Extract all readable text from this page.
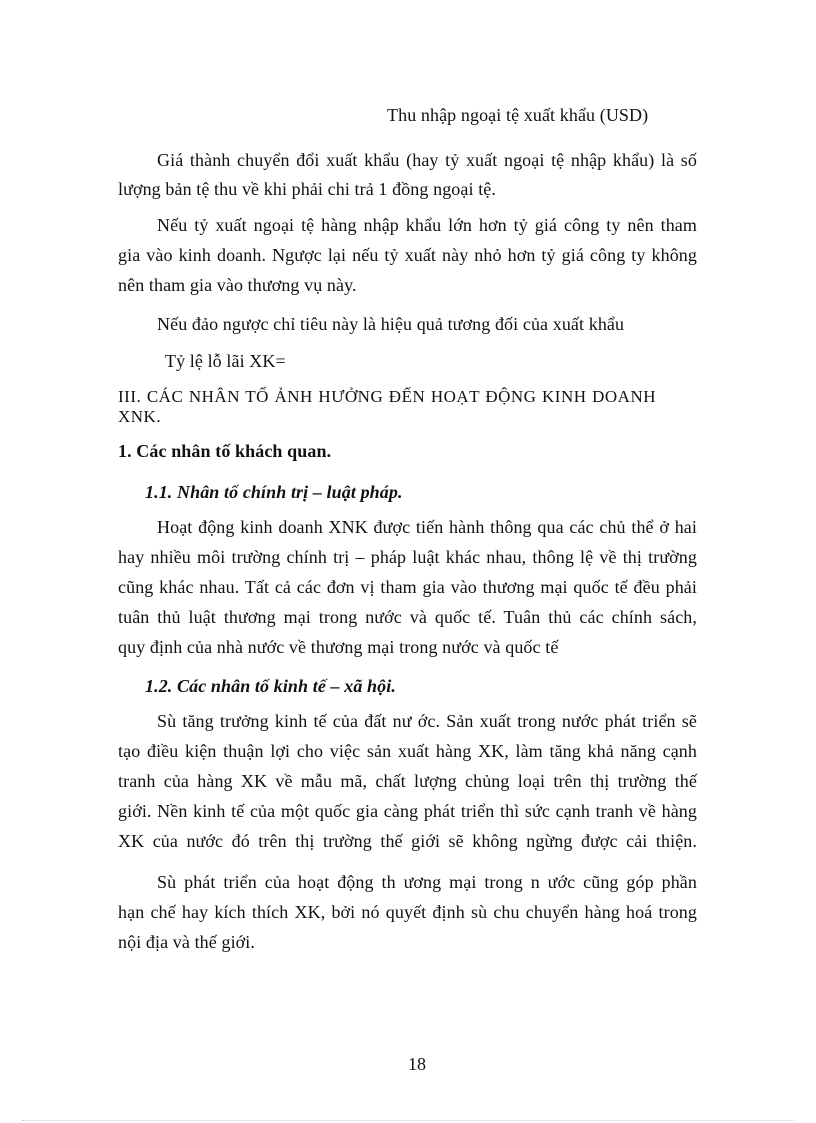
Thu nhập ngoại tệ xuất khẩu (USD)
Giá thành chuyển đổi xuất khẩu (hay tỷ xuất ngoại tệ nhập khẩu) là số
lượng bản tệ thu về khi phải chi trả 1 đồng ngoại tệ.
Nếu tỷ xuất ngoại tệ hàng nhập khẩu lớn hơn tỷ giá công ty nên tham
gia vào kinh doanh. Ngược lại nếu tỷ xuất này nhỏ hơn tỷ giá công ty không
nên tham gia vào thương vụ này.
Nếu đảo ngược chỉ tiêu này là hiệu quả tương đối của xuất khẩu
Tỷ lệ lỗ lãi XK=
III. CÁC NHÂN TỐ ẢNH HƯỞNG ĐẾN HOẠT ĐỘNG KINH DOANH
XNK.
1. Các nhân tố khách quan.
1.1. Nhân tố chính trị – luật pháp.
Hoạt động kinh doanh XNK được tiến hành thông qua các chủ thể ở hai
hay nhiều môi trường chính trị – pháp luật khác nhau, thông lệ về thị trường
cũng khác nhau. Tất cả các đơn vị tham gia vào thương mại quốc tế đều phải
tuân thủ luật thương mại trong nước và quốc tế. Tuân thủ các chính sách,
quy định của nhà nước về thương mại trong nước và quốc tế
1.2. Các nhân tố kinh tế – xã hội.
Sù tăng trưởng kinh tế của đất nư ớc. Sản xuất trong nước phát triển sẽ
tạo điều kiện thuận lợi cho việc sản xuất hàng XK, làm tăng khả năng cạnh
tranh của hàng XK về mẫu mã, chất lượng chủng loại trên thị trường thế
giới. Nền kinh tế của một quốc gia càng phát triển thì sức cạnh tranh về hàng
XK của nước đó trên thị trường thế giới sẽ không ngừng được cải thiện.
Sù phát triển của hoạt động th ương mại trong n ước cũng góp phần
hạn chế hay kích thích XK, bởi nó quyết định sù chu chuyển hàng hoá trong
nội địa và thế giới.
18
